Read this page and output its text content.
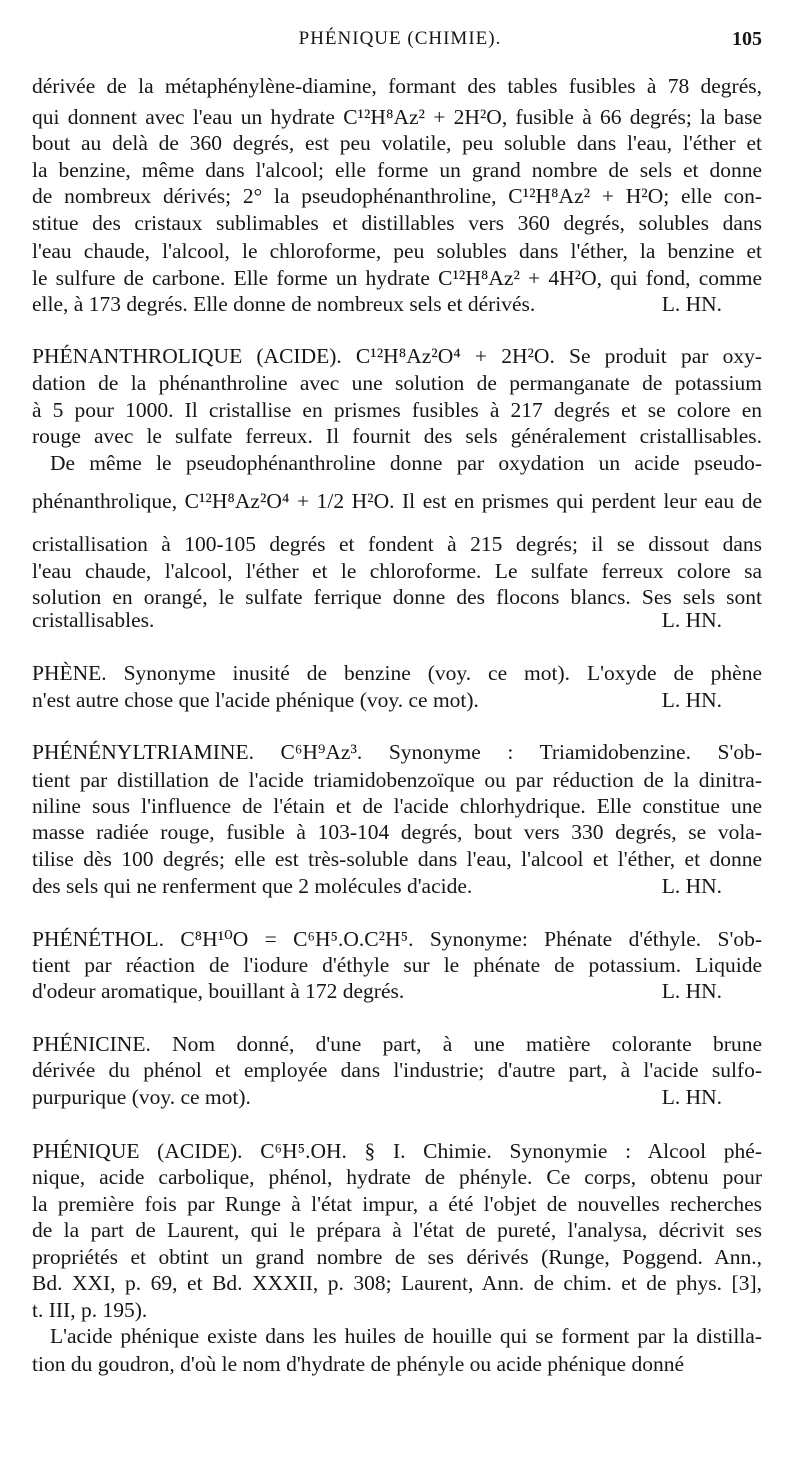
PHÉNIQUE (CHIMIE).	105
dérivée de la métaphénylène-diamine, formant des tables fusibles à 78 degrés,
qui donnent avec l'eau un hydrate C¹²H⁸Az² + 2H²O, fusible à 66 degrés; la base
bout au delà de 360 degrés, est peu volatile, peu soluble dans l'eau, l'éther et
la benzine, même dans l'alcool; elle forme un grand nombre de sels et donne
de nombreux dérivés; 2° la pseudophénanthroline, C¹²H⁸Az² + H²O; elle con-
stitue des cristaux sublimables et distillables vers 360 degrés, solubles dans
l'eau chaude, l'alcool, le chloroforme, peu solubles dans l'éther, la benzine et
le sulfure de carbone. Elle forme un hydrate C¹²H⁸Az² + 4H²O, qui fond, comme
elle, à 173 degrés. Elle donne de nombreux sels et dérivés.	L. HN.
PHÉNANTHROLIQUE (ACIDE). C¹²H⁸Az²O⁴ + 2H²O. Se produit par oxy-
dation de la phénanthroline avec une solution de permanganate de potassium
à 5 pour 1000. Il cristallise en prismes fusibles à 217 degrés et se colore en
rouge avec le sulfate ferreux. Il fournit des sels généralement cristallisables.
De même le pseudophénanthroline donne par oxydation un acide pseudo-
phénanthrolique, C¹²H⁸Az²O⁴ + 1/2 H²O. Il est en prismes qui perdent leur eau de
cristallisation à 100-105 degrés et fondent à 215 degrés; il se dissout dans
l'eau chaude, l'alcool, l'éther et le chloroforme. Le sulfate ferreux colore sa
solution en orangé, le sulfate ferrique donne des flocons blancs. Ses sels sont
cristallisables.	L. HN.
PHÈNE. Synonyme inusité de benzine (voy. ce mot). L'oxyde de phène
n'est autre chose que l'acide phénique (voy. ce mot).	L. HN.
PHÉNÉNYLTRIAMINE. C⁶H⁹Az³. Synonyme : Triamidobenzine. S'ob-
tient par distillation de l'acide triamidobenzoïque ou par réduction de la dinitra-
niline sous l'influence de l'étain et de l'acide chlorhydrique. Elle constitue une
masse radiée rouge, fusible à 103-104 degrés, bout vers 330 degrés, se vola-
tilise dès 100 degrés; elle est très-soluble dans l'eau, l'alcool et l'éther, et donne
des sels qui ne renferment que 2 molécules d'acide.	L. HN.
PHÉNÉTHOL. C⁸H¹⁰O = C⁶H⁵.O.C²H⁵. Synonyme: Phénate d'éthyle. S'ob-
tient par réaction de l'iodure d'éthyle sur le phénate de potassium. Liquide
d'odeur aromatique, bouillant à 172 degrés.	L. HN.
PHÉNICINE. Nom donné, d'une part, à une matière colorante brune
dérivée du phénol et employée dans l'industrie; d'autre part, à l'acide sulfo-
purpurique (voy. ce mot).	L. HN.
PHÉNIQUE (ACIDE). C⁶H⁵.OH. § I. Chimie. Synonymie : Alcool phé-
nique, acide carbolique, phénol, hydrate de phényle. Ce corps, obtenu pour
la première fois par Runge à l'état impur, a été l'objet de nouvelles recherches
de la part de Laurent, qui le prépara à l'état de pureté, l'analysa, décrivit ses
propriétés et obtint un grand nombre de ses dérivés (Runge, Poggend. Ann.,
Bd. XXI, p. 69, et Bd. XXXII, p. 308; Laurent, Ann. de chim. et de phys. [3],
t. III, p. 195).
L'acide phénique existe dans les huiles de houille qui se forment par la distilla-
tion du goudron, d'où le nom d'hydrate de phényle ou acide phénique donné
